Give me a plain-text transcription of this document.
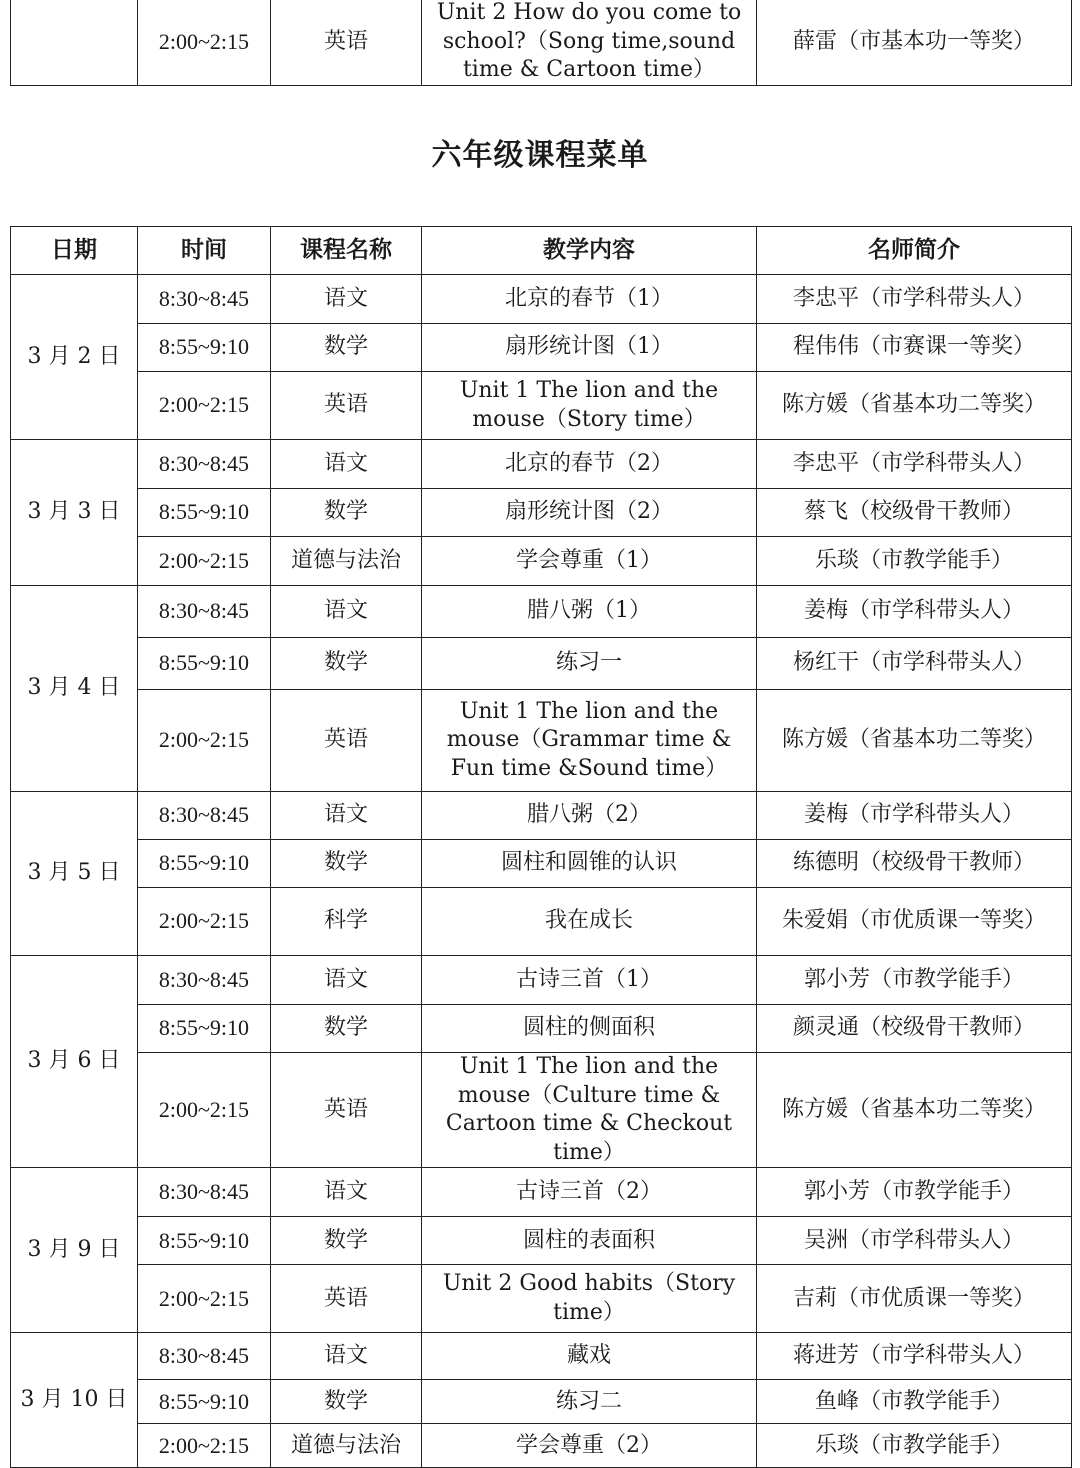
	2:00~2:15	英语	Unit 2 How do you come to school?（Song time,sound time & Cartoon time）	薛雷（市基本功一等奖）
六年级课程菜单
日期	时间	课程名称	教学内容	名师简介
3 月 2 日	8:30~8:45	语文	北京的春节（1）	李忠平（市学科带头人）
	8:55~9:10	数学	扇形统计图（1）	程伟伟（市赛课一等奖）
	2:00~2:15	英语	Unit 1 The lion and the mouse（Story time）	陈方媛（省基本功二等奖）
3 月 3 日	8:30~8:45	语文	北京的春节（2）	李忠平（市学科带头人）
	8:55~9:10	数学	扇形统计图（2）	蔡飞（校级骨干教师）
	2:00~2:15	道德与法治	学会尊重（1）	乐琰（市教学能手）
3 月 4 日	8:30~8:45	语文	腊八粥（1）	姜梅（市学科带头人）
	8:55~9:10	数学	练习一	杨红干（市学科带头人）
	2:00~2:15	英语	Unit 1 The lion and the mouse（Grammar time & Fun time &Sound time）	陈方媛（省基本功二等奖）
3 月 5 日	8:30~8:45	语文	腊八粥（2）	姜梅（市学科带头人）
	8:55~9:10	数学	圆柱和圆锥的认识	练德明（校级骨干教师）
	2:00~2:15	科学	我在成长	朱爱娟（市优质课一等奖）
3 月 6 日	8:30~8:45	语文	古诗三首（1）	郭小芳（市教学能手）
	8:55~9:10	数学	圆柱的侧面积	颜灵通（校级骨干教师）
	2:00~2:15	英语	Unit 1 The lion and the mouse（Culture time & Cartoon time & Checkout time）	陈方媛（省基本功二等奖）
3 月 9 日	8:30~8:45	语文	古诗三首（2）	郭小芳（市教学能手）
	8:55~9:10	数学	圆柱的表面积	吴洲（市学科带头人）
	2:00~2:15	英语	Unit 2 Good habits（Story time）	吉莉（市优质课一等奖）
3 月 10 日	8:30~8:45	语文	藏戏	蒋进芳（市学科带头人）
	8:55~9:10	数学	练习二	鱼峰（市教学能手）
	2:00~2:15	道德与法治	学会尊重（2）	乐琰（市教学能手）
